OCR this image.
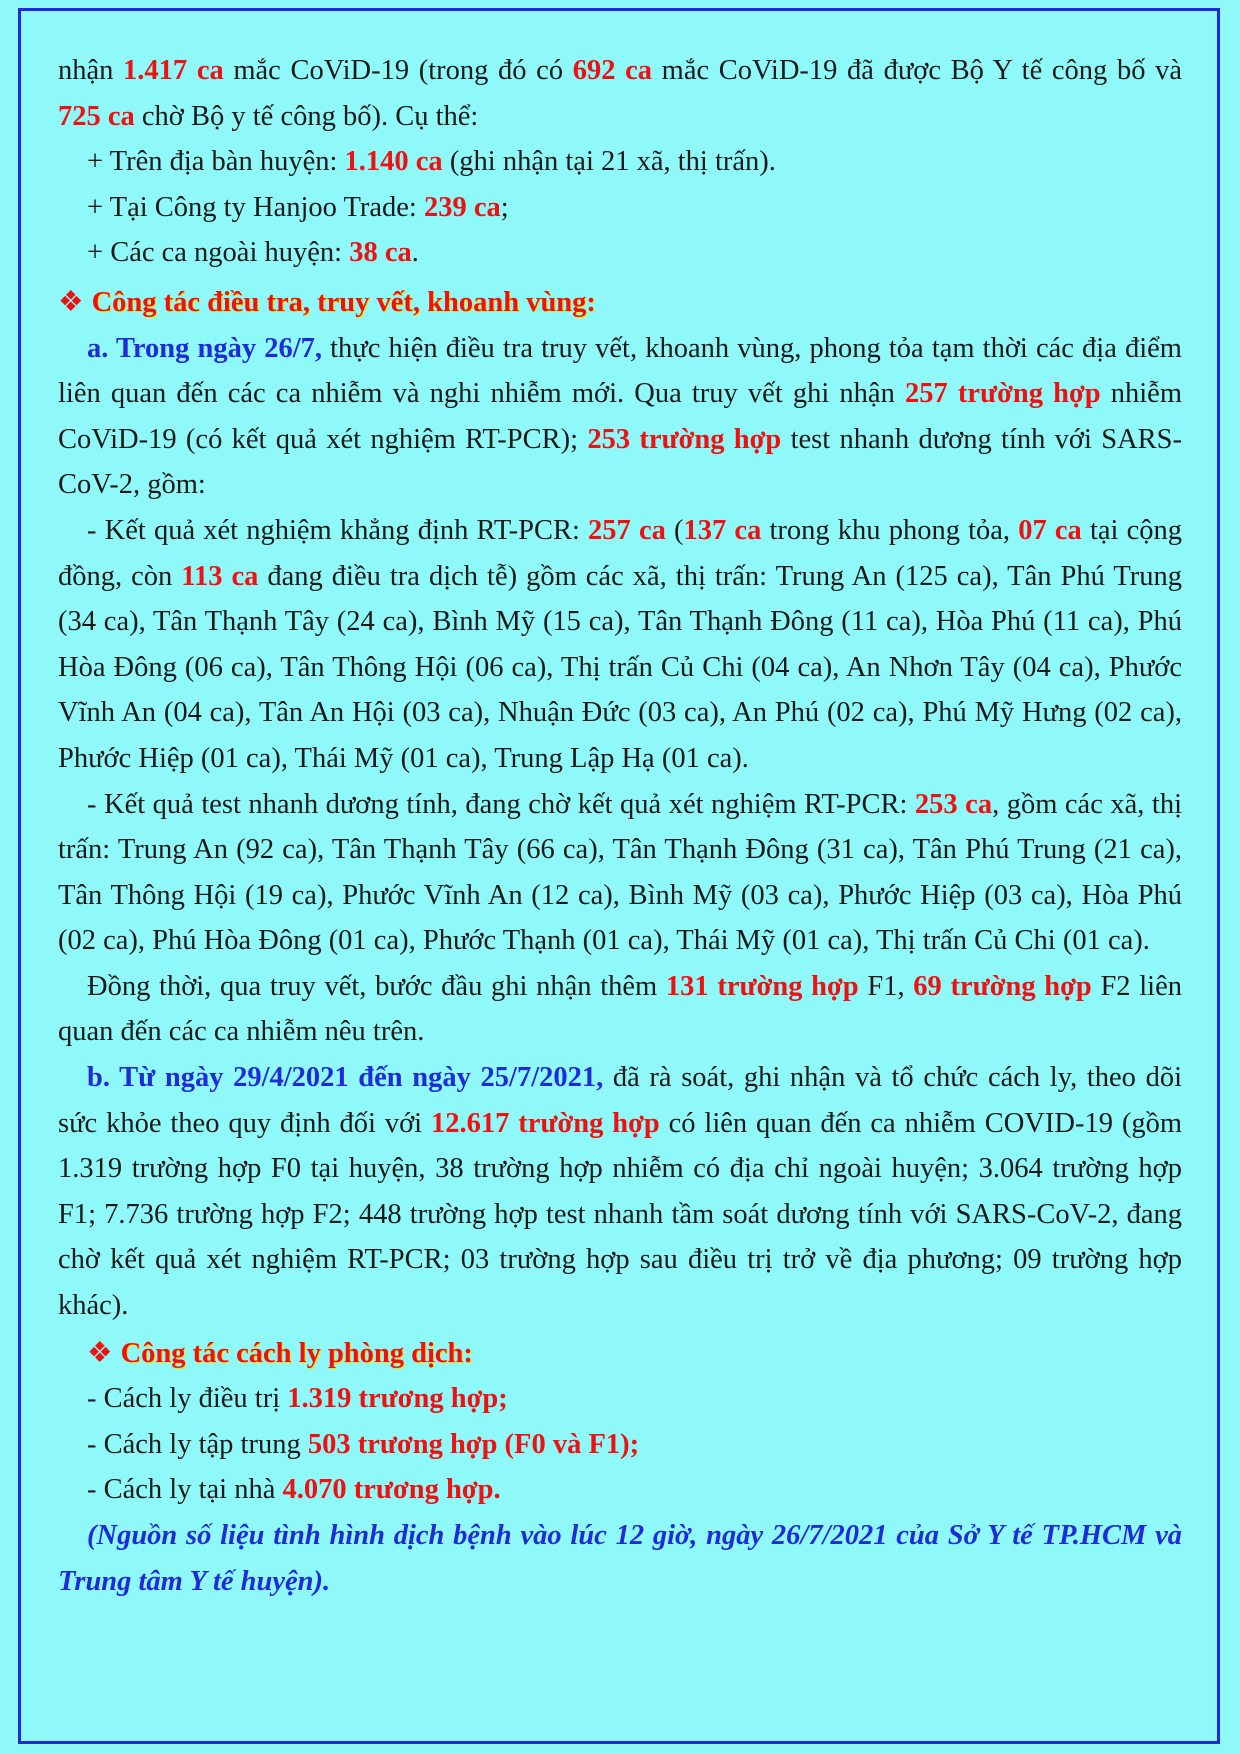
nhận 1.417 ca mắc CoViD-19 (trong đó có 692 ca mắc CoViD-19 đã được Bộ Y tế công bố và 725 ca chờ Bộ y tế công bố). Cụ thể:

+ Trên địa bàn huyện: 1.140 ca (ghi nhận tại 21 xã, thị trấn).

+ Tại Công ty Hanjoo Trade: 239 ca;

+ Các ca ngoài huyện: 38 ca.

❖ Công tác điều tra, truy vết, khoanh vùng:

a. Trong ngày 26/7, thực hiện điều tra truy vết, khoanh vùng, phong tỏa tạm thời các địa điểm liên quan đến các ca nhiễm và nghi nhiễm mới. Qua truy vết ghi nhận 257 trường hợp nhiễm CoViD-19 (có kết quả xét nghiệm RT-PCR); 253 trường hợp test nhanh dương tính với SARS-CoV-2, gồm:

- Kết quả xét nghiệm khẳng định RT-PCR: 257 ca (137 ca trong khu phong tỏa, 07 ca tại cộng đồng, còn 113 ca đang điều tra dịch tễ) gồm các xã, thị trấn: Trung An (125 ca), Tân Phú Trung (34 ca), Tân Thạnh Tây (24 ca), Bình Mỹ (15 ca), Tân Thạnh Đông (11 ca), Hòa Phú (11 ca), Phú Hòa Đông (06 ca), Tân Thông Hội (06 ca), Thị trấn Củ Chi (04 ca), An Nhơn Tây (04 ca), Phước Vĩnh An (04 ca), Tân An Hội (03 ca), Nhuận Đức (03 ca), An Phú (02 ca), Phú Mỹ Hưng (02 ca), Phước Hiệp (01 ca), Thái Mỹ (01 ca), Trung Lập Hạ (01 ca).

- Kết quả test nhanh dương tính, đang chờ kết quả xét nghiệm RT-PCR: 253 ca, gồm các xã, thị trấn: Trung An (92 ca), Tân Thạnh Tây (66 ca), Tân Thạnh Đông (31 ca), Tân Phú Trung (21 ca), Tân Thông Hội (19 ca), Phước Vĩnh An (12 ca), Bình Mỹ (03 ca), Phước Hiệp (03 ca), Hòa Phú (02 ca), Phú Hòa Đông (01 ca), Phước Thạnh (01 ca), Thái Mỹ (01 ca), Thị trấn Củ Chi (01 ca).

Đồng thời, qua truy vết, bước đầu ghi nhận thêm 131 trường hợp F1, 69 trường hợp F2 liên quan đến các ca nhiễm nêu trên.

b. Từ ngày 29/4/2021 đến ngày 25/7/2021, đã rà soát, ghi nhận và tổ chức cách ly, theo dõi sức khỏe theo quy định đối với 12.617 trường hợp có liên quan đến ca nhiễm COVID-19 (gồm 1.319 trường hợp F0 tại huyện, 38 trường hợp nhiễm có địa chỉ ngoài huyện; 3.064 trường hợp F1; 7.736 trường hợp F2; 448 trường hợp test nhanh tầm soát dương tính với SARS-CoV-2, đang chờ kết quả xét nghiệm RT-PCR; 03 trường hợp sau điều trị trở về địa phương; 09 trường hợp khác).

❖ Công tác cách ly phòng dịch:

- Cách ly điều trị 1.319 trương hợp;

- Cách ly tập trung 503 trương hợp (F0 và F1);

- Cách ly tại nhà 4.070 trương hợp.

(Nguồn số liệu tình hình dịch bệnh vào lúc 12 giờ, ngày 26/7/2021 của Sở Y tế TP.HCM và Trung tâm Y tế huyện).
